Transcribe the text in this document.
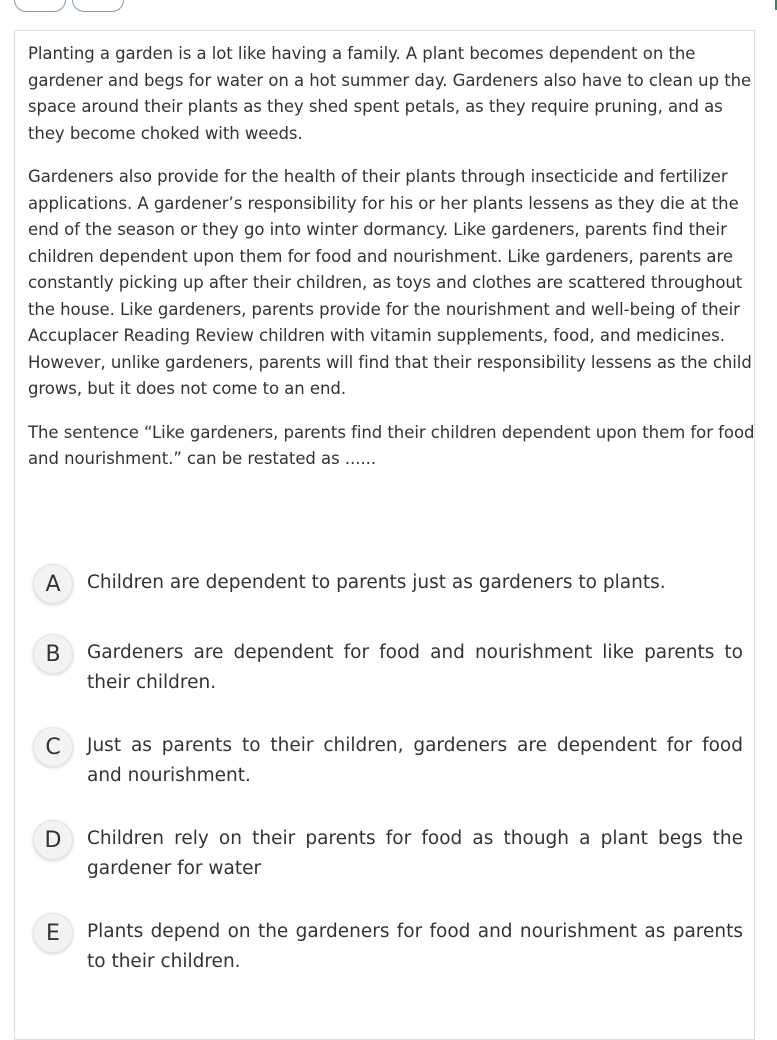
Planting a garden is a lot like having a family. A plant becomes dependent on the gardener and begs for water on a hot summer day. Gardeners also have to clean up the space around their plants as they shed spent petals, as they require pruning, and as they become choked with weeds.

Gardeners also provide for the health of their plants through insecticide and fertilizer applications. A gardener’s responsibility for his or her plants lessens as they die at the end of the season or they go into winter dormancy. Like gardeners, parents find their children dependent upon them for food and nourishment. Like gardeners, parents are constantly picking up after their children, as toys and clothes are scattered throughout the house. Like gardeners, parents provide for the nourishment and well-being of their Accuplacer Reading Review children with vitamin supplements, food, and medicines. However, unlike gardeners, parents will find that their responsibility lessens as the child grows, but it does not come to an end.

The sentence “Like gardeners, parents find their children dependent upon them for food and nourishment.” can be restated as ......

A	Children are dependent to parents just as gardeners to plants.
B	Gardeners are dependent for food and nourishment like parents to their children.
C	Just as parents to their children, gardeners are dependent for food and nourishment.
D	Children rely on their parents for food as though a plant begs the gardener for water
E	Plants depend on the gardeners for food and nourishment as parents to their children.
